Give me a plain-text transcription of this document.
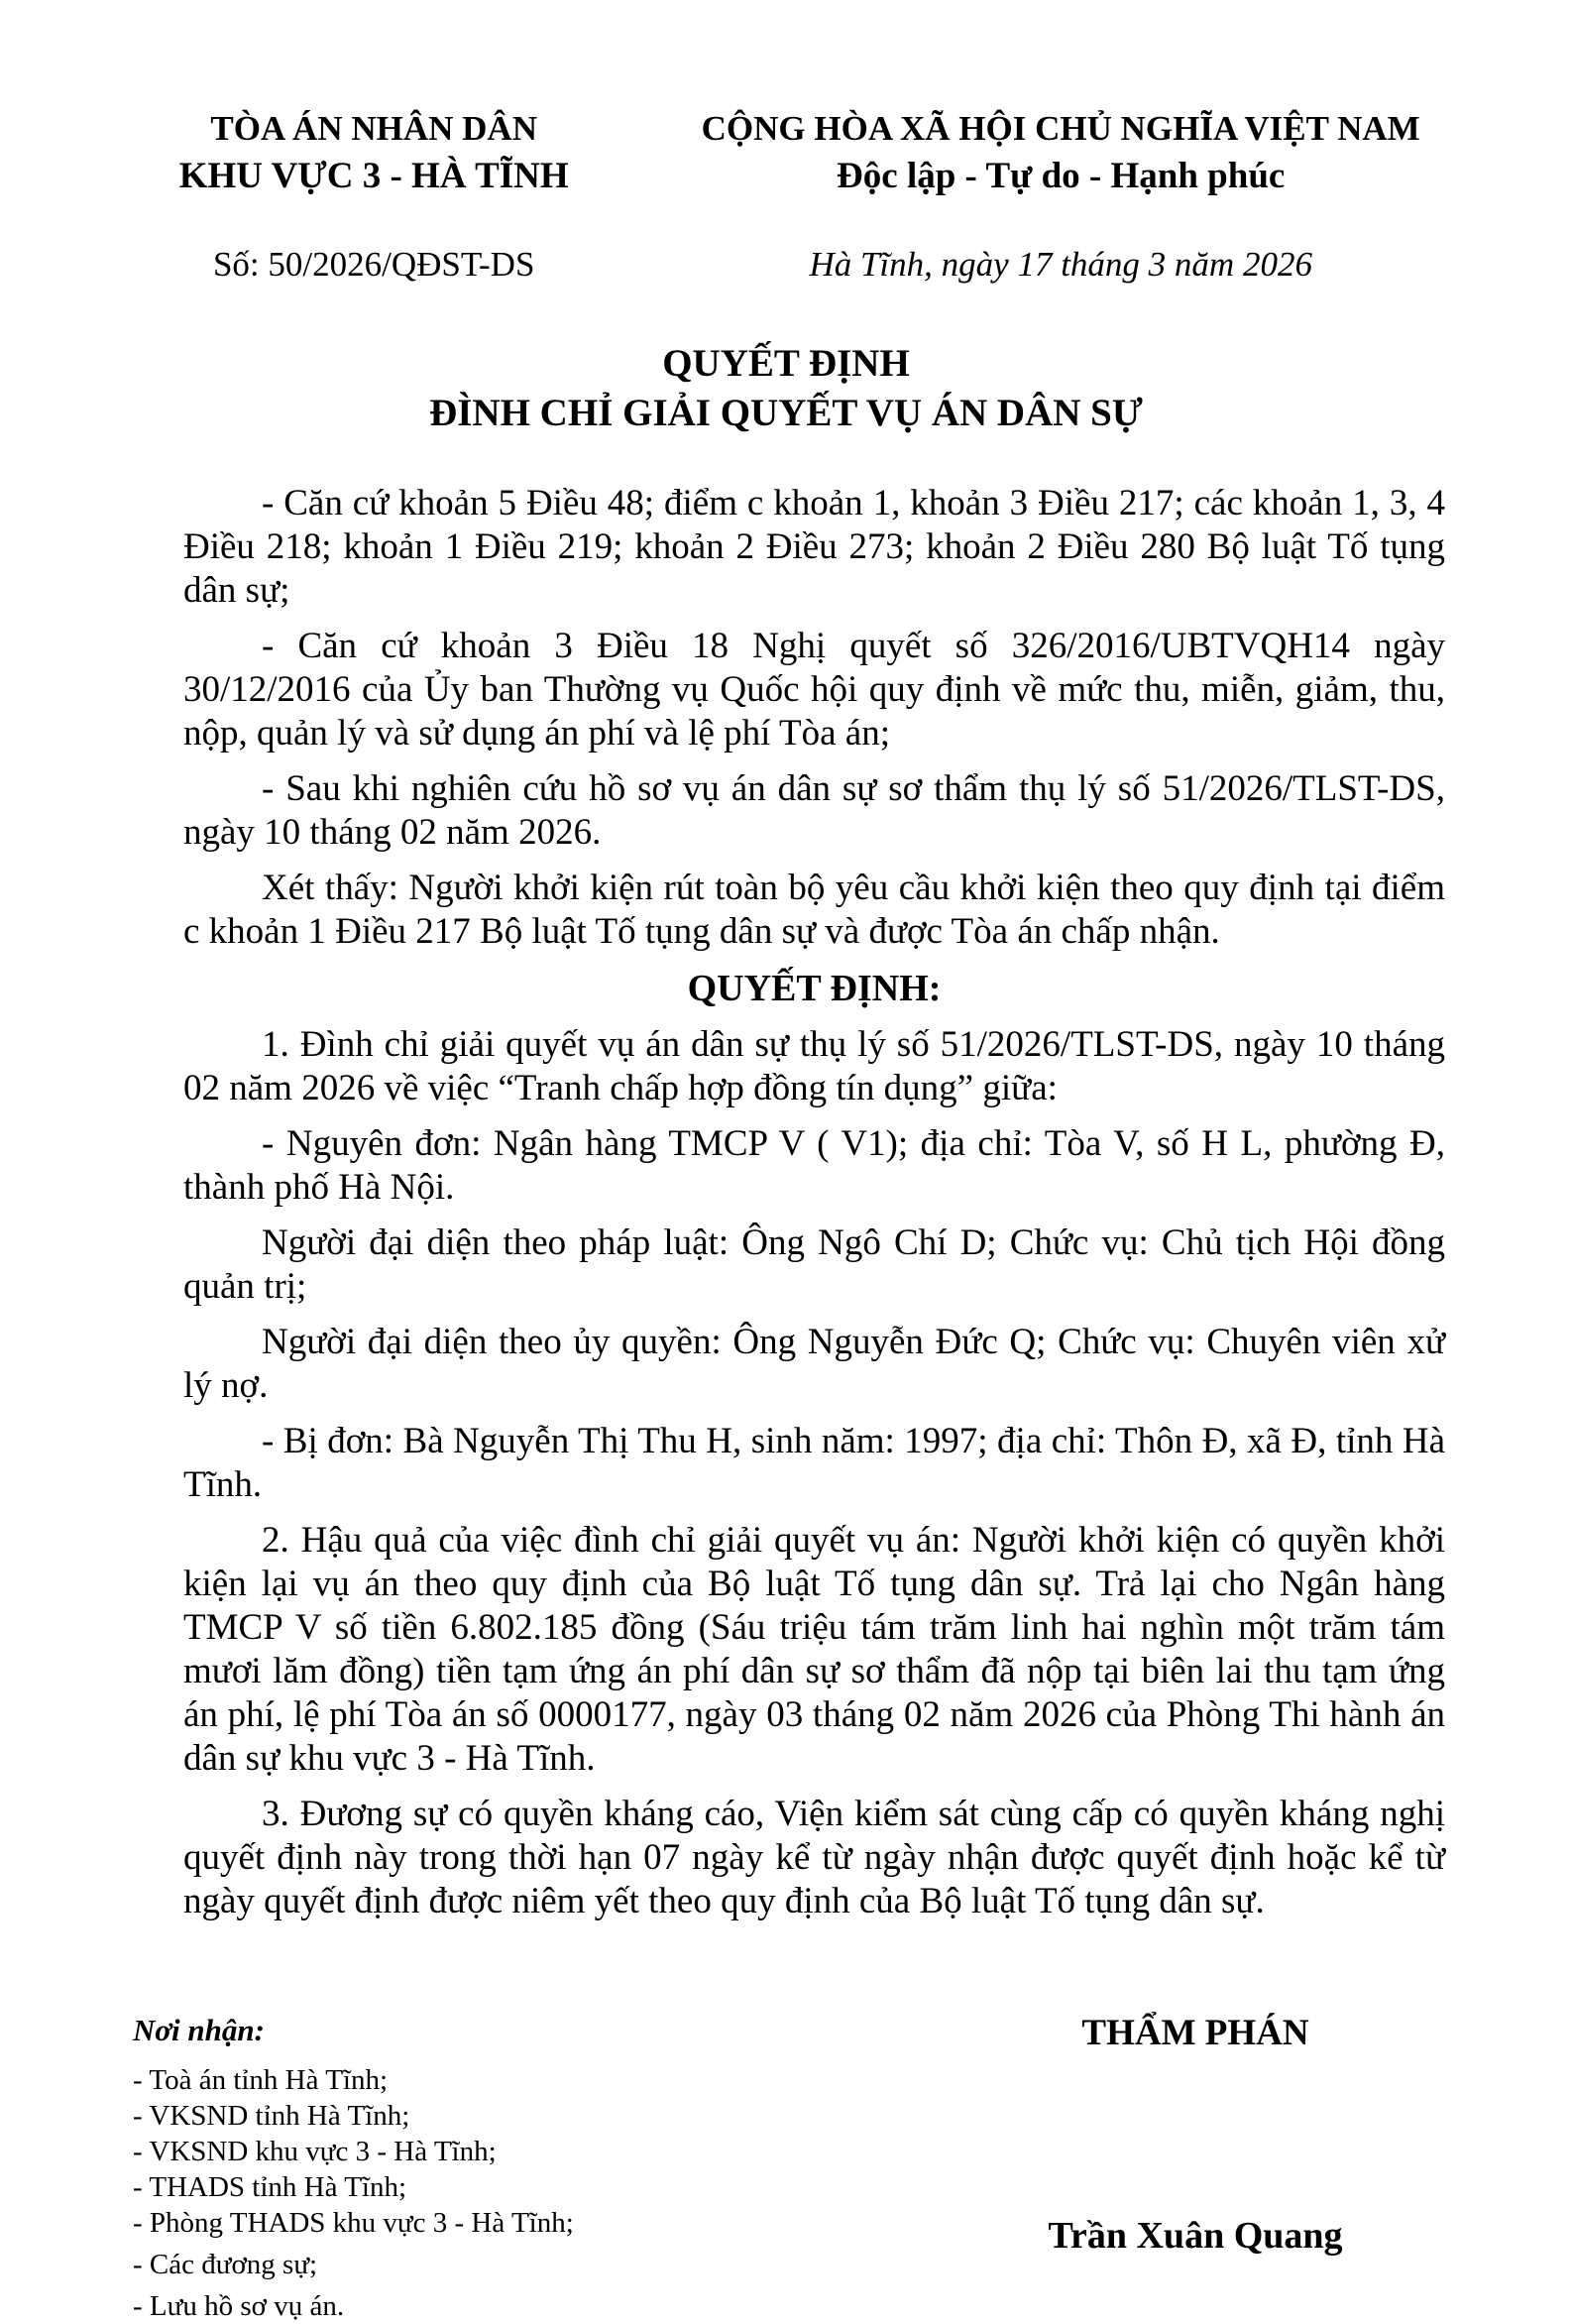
TÒA ÁN NHÂN DÂN
KHU VỰC 3 - HÀ TĨNH
CỘNG HÒA XÃ HỘI CHỦ NGHĨA VIỆT NAM
Độc lập - Tự do - Hạnh phúc
Số: 50/2026/QĐST-DS	Hà Tĩnh, ngày 17 tháng 3 năm 2026
QUYẾT ĐỊNH
ĐÌNH CHỈ GIẢI QUYẾT VỤ ÁN DÂN SỰ

- Căn cứ khoản 5 Điều 48; điểm c khoản 1, khoản 3 Điều 217; các khoản 1, 3, 4 Điều 218; khoản 1 Điều 219; khoản 2 Điều 273; khoản 2 Điều 280 Bộ luật Tố tụng dân sự;

- Căn cứ khoản 3 Điều 18 Nghị quyết số 326/2016/UBTVQH14 ngày 30/12/2016 của Ủy ban Thường vụ Quốc hội quy định về mức thu, miễn, giảm, thu, nộp, quản lý và sử dụng án phí và lệ phí Tòa án;

- Sau khi nghiên cứu hồ sơ vụ án dân sự sơ thẩm thụ lý số 51/2026/TLST-DS, ngày 10 tháng 02 năm 2026.

Xét thấy: Người khởi kiện rút toàn bộ yêu cầu khởi kiện theo quy định tại điểm c khoản 1 Điều 217 Bộ luật Tố tụng dân sự và được Tòa án chấp nhận.

QUYẾT ĐỊNH:

1. Đình chỉ giải quyết vụ án dân sự thụ lý số 51/2026/TLST-DS, ngày 10 tháng 02 năm 2026 về việc “Tranh chấp hợp đồng tín dụng” giữa:

- Nguyên đơn: Ngân hàng TMCP V ( V1); địa chỉ: Tòa V, số H L, phường Đ, thành phố Hà Nội.

Người đại diện theo pháp luật: Ông Ngô Chí D; Chức vụ: Chủ tịch Hội đồng quản trị;

Người đại diện theo ủy quyền: Ông Nguyễn Đức Q; Chức vụ: Chuyên viên xử lý nợ.

- Bị đơn: Bà Nguyễn Thị Thu H, sinh năm: 1997; địa chỉ: Thôn Đ, xã Đ, tỉnh Hà Tĩnh.

2. Hậu quả của việc đình chỉ giải quyết vụ án: Người khởi kiện có quyền khởi kiện lại vụ án theo quy định của Bộ luật Tố tụng dân sự. Trả lại cho Ngân hàng TMCP V số tiền 6.802.185 đồng (Sáu triệu tám trăm linh hai nghìn một trăm tám mươi lăm đồng) tiền tạm ứng án phí dân sự sơ thẩm đã nộp tại biên lai thu tạm ứng án phí, lệ phí Tòa án số 0000177, ngày 03 tháng 02 năm 2026 của Phòng Thi hành án dân sự khu vực 3 - Hà Tĩnh.

3. Đương sự có quyền kháng cáo, Viện kiểm sát cùng cấp có quyền kháng nghị quyết định này trong thời hạn 07 ngày kể từ ngày nhận được quyết định hoặc kể từ ngày quyết định được niêm yết theo quy định của Bộ luật Tố tụng dân sự.

Nơi nhận:
- Toà án tỉnh Hà Tĩnh;
- VKSND tỉnh Hà Tĩnh;
- VKSND khu vực 3 - Hà Tĩnh;
- THADS tỉnh Hà Tĩnh;
- Phòng THADS khu vực 3 - Hà Tĩnh;
- Các đương sự;
- Lưu hồ sơ vụ án.
THẨM PHÁN
Trần Xuân Quang
